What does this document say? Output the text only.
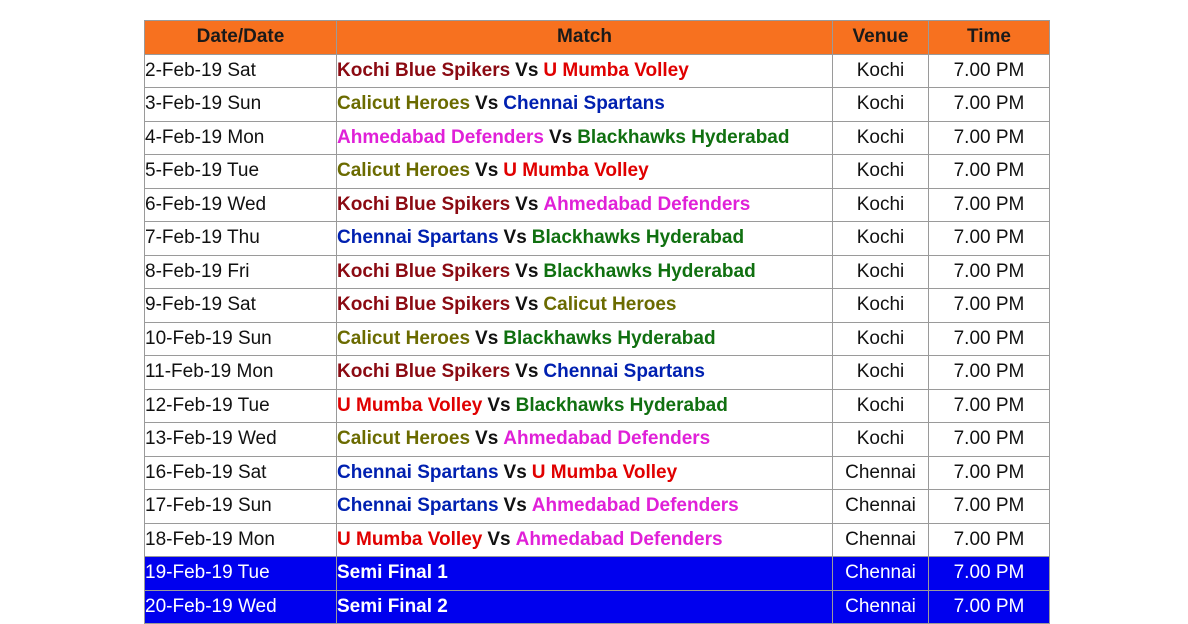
Date/Date	Match	Venue	Time
2-Feb-19 Sat	Kochi Blue Spikers Vs U Mumba Volley	Kochi	7.00 PM
3-Feb-19 Sun	Calicut Heroes Vs Chennai Spartans	Kochi	7.00 PM
4-Feb-19 Mon	Ahmedabad Defenders Vs Blackhawks Hyderabad	Kochi	7.00 PM
5-Feb-19 Tue	Calicut Heroes Vs U Mumba Volley	Kochi	7.00 PM
6-Feb-19 Wed	Kochi Blue Spikers Vs Ahmedabad Defenders	Kochi	7.00 PM
7-Feb-19 Thu	Chennai Spartans Vs Blackhawks Hyderabad	Kochi	7.00 PM
8-Feb-19 Fri	Kochi Blue Spikers Vs Blackhawks Hyderabad	Kochi	7.00 PM
9-Feb-19 Sat	Kochi Blue Spikers Vs Calicut Heroes	Kochi	7.00 PM
10-Feb-19 Sun	Calicut Heroes Vs Blackhawks Hyderabad	Kochi	7.00 PM
11-Feb-19 Mon	Kochi Blue Spikers Vs Chennai Spartans	Kochi	7.00 PM
12-Feb-19 Tue	U Mumba Volley Vs Blackhawks Hyderabad	Kochi	7.00 PM
13-Feb-19 Wed	Calicut Heroes Vs Ahmedabad Defenders	Kochi	7.00 PM
16-Feb-19 Sat	Chennai Spartans Vs U Mumba Volley	Chennai	7.00 PM
17-Feb-19 Sun	Chennai Spartans Vs Ahmedabad Defenders	Chennai	7.00 PM
18-Feb-19 Mon	U Mumba Volley Vs Ahmedabad Defenders	Chennai	7.00 PM
19-Feb-19 Tue	Semi Final 1	Chennai	7.00 PM
20-Feb-19 Wed	Semi Final 2	Chennai	7.00 PM
